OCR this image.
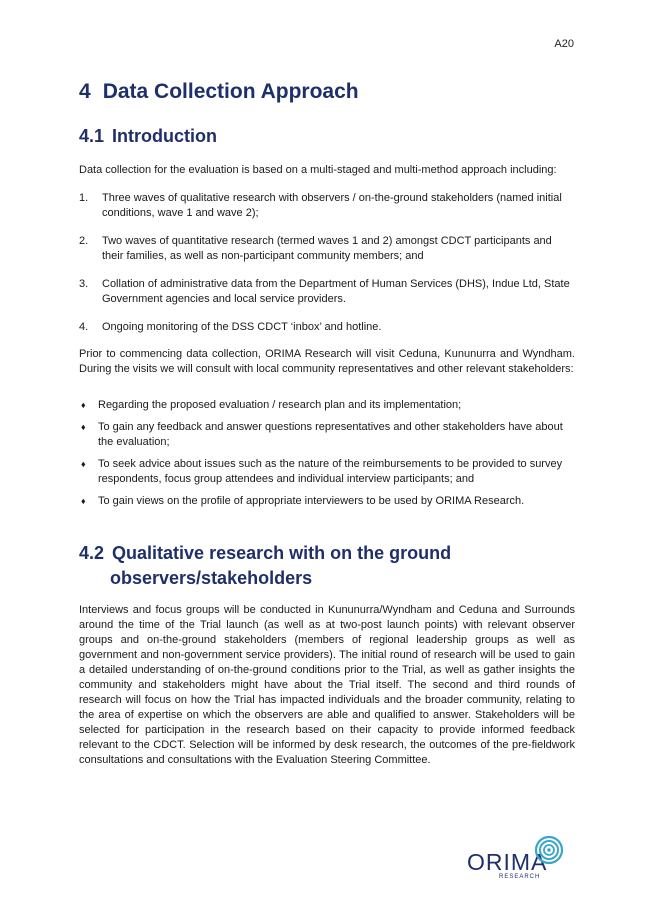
A20
4 Data Collection Approach
4.1 Introduction

Data collection for the evaluation is based on a multi-staged and multi-method approach including:

1. Three waves of qualitative research with observers / on-the-ground stakeholders (named initial conditions, wave 1 and wave 2);
2. Two waves of quantitative research (termed waves 1 and 2) amongst CDCT participants and their families, as well as non-participant community members; and
3. Collation of administrative data from the Department of Human Services (DHS), Indue Ltd, State Government agencies and local service providers.
4. Ongoing monitoring of the DSS CDCT ‘inbox’ and hotline.

Prior to commencing data collection, ORIMA Research will visit Ceduna, Kununurra and Wyndham. During the visits we will consult with local community representatives and other relevant stakeholders:

♦ Regarding the proposed evaluation / research plan and its implementation;
♦ To gain any feedback and answer questions representatives and other stakeholders have about the evaluation;
♦ To seek advice about issues such as the nature of the reimbursements to be provided to survey respondents, focus group attendees and individual interview participants; and
♦ To gain views on the profile of appropriate interviewers to be used by ORIMA Research.
4.2 Qualitative research with on the ground
observers/stakeholders

Interviews and focus groups will be conducted in Kununurra/Wyndham and Ceduna and Surrounds around the time of the Trial launch (as well as at two-post launch points) with relevant observer groups and on-the-ground stakeholders (members of regional leadership groups as well as government and non-government service providers). The initial round of research will be used to gain a detailed understanding of on-the-ground conditions prior to the Trial, as well as gather insights the community and stakeholders might have about the Trial itself. The second and third rounds of research will focus on how the Trial has impacted individuals and the broader community, relating to the area of expertise on which the observers are able and qualified to answer. Stakeholders will be selected for participation in the research based on their capacity to provide informed feedback relevant to the CDCT. Selection will be informed by desk research, the outcomes of the pre-fieldwork consultations and consultations with the Evaluation Steering Committee.

ORIMA
RESEARCH
